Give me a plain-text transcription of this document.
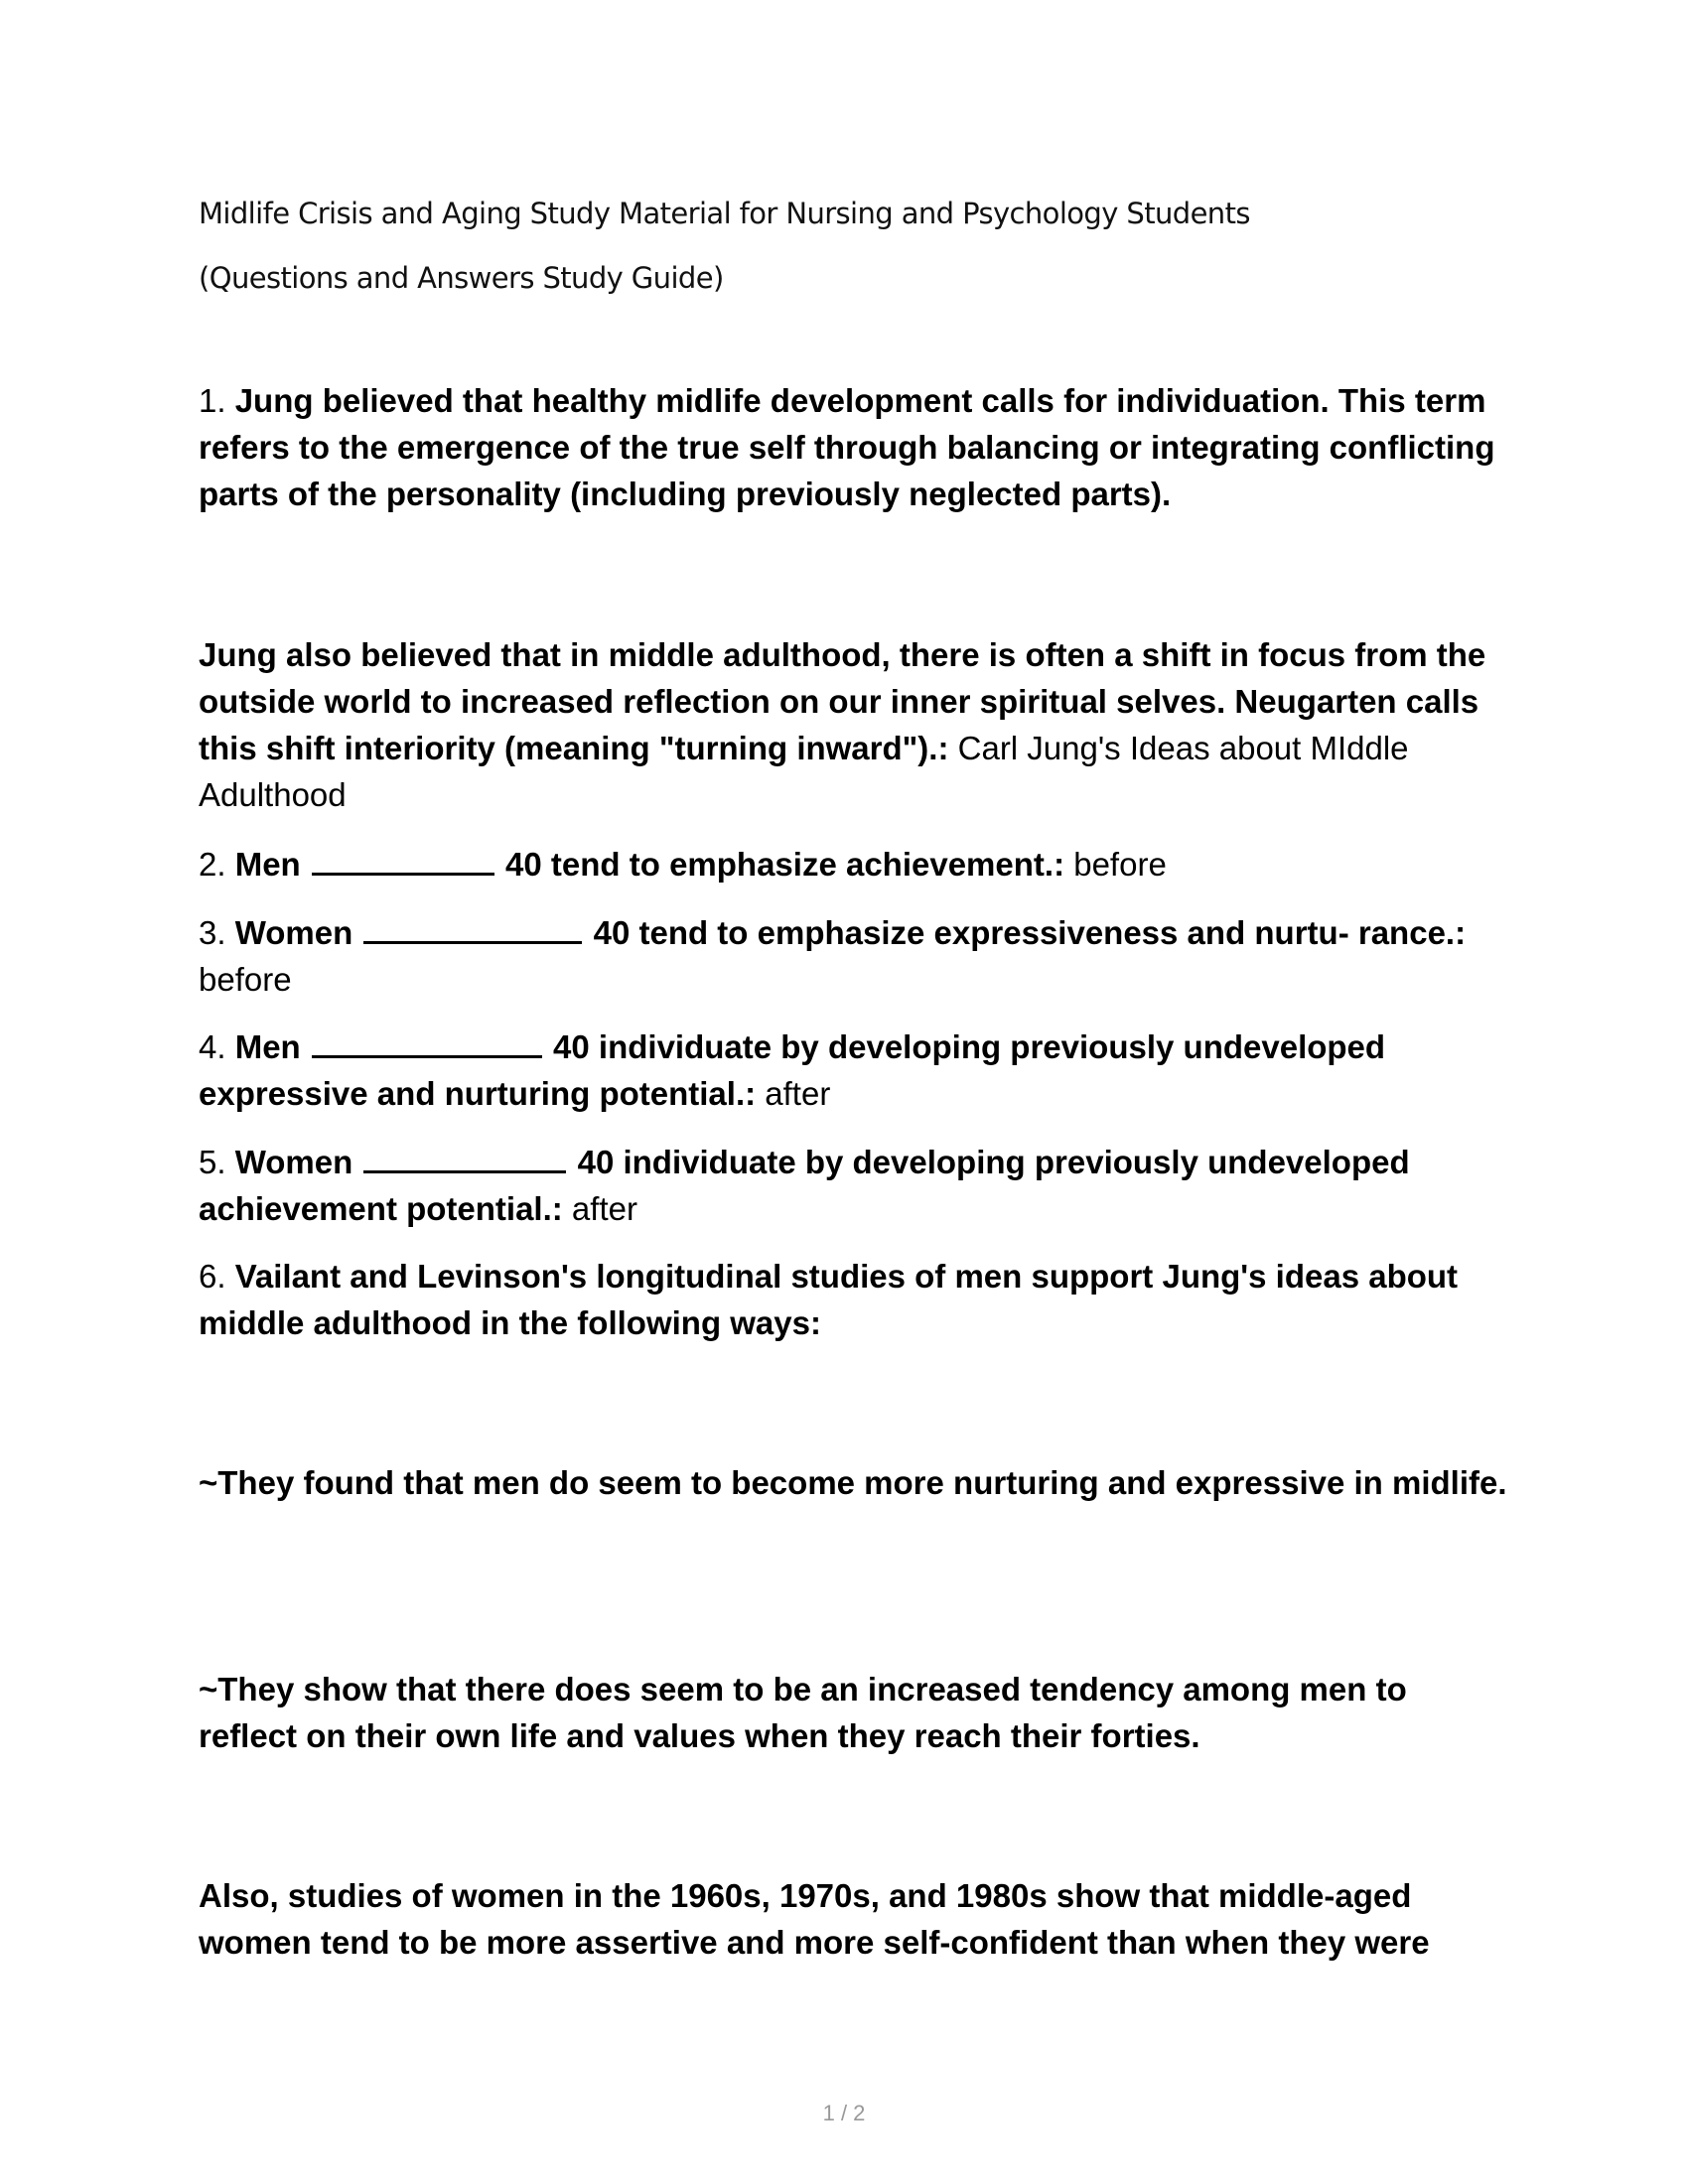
Midlife Crisis and Aging Study Material for Nursing and Psychology Students
(Questions and Answers Study Guide)
1. Jung believed that healthy midlife development calls for individuation. This term refers to the emergence of the true self through balancing or integrating conflicting parts of the personality (including previously neglected parts).
Jung also believed that in middle adulthood, there is often a shift in focus from the outside world to increased reflection on our inner spiritual selves. Neugarten calls this shift interiority (meaning "turning inward").: Carl Jung's Ideas about MIddle Adulthood
2. Men	40 tend to emphasize achievement.: before
3. Women	40 tend to emphasize expressiveness and nurtu- rance.: before
4. Men	40 individuate by developing previously undeveloped expressive and nurturing potential.: after
5. Women	40 individuate by developing previously undeveloped achievement potential.: after
6. Vailant and Levinson's longitudinal studies of men support Jung's ideas about middle adulthood in the following ways:
~They found that men do seem to become more nurturing and expressive in midlife.
~They show that there does seem to be an increased tendency among men to reflect on their own life and values when they reach their forties.
Also, studies of women in the 1960s, 1970s, and 1980s show that middle-aged women tend to be more assertive and more self-confident than when they were
1 / 2
